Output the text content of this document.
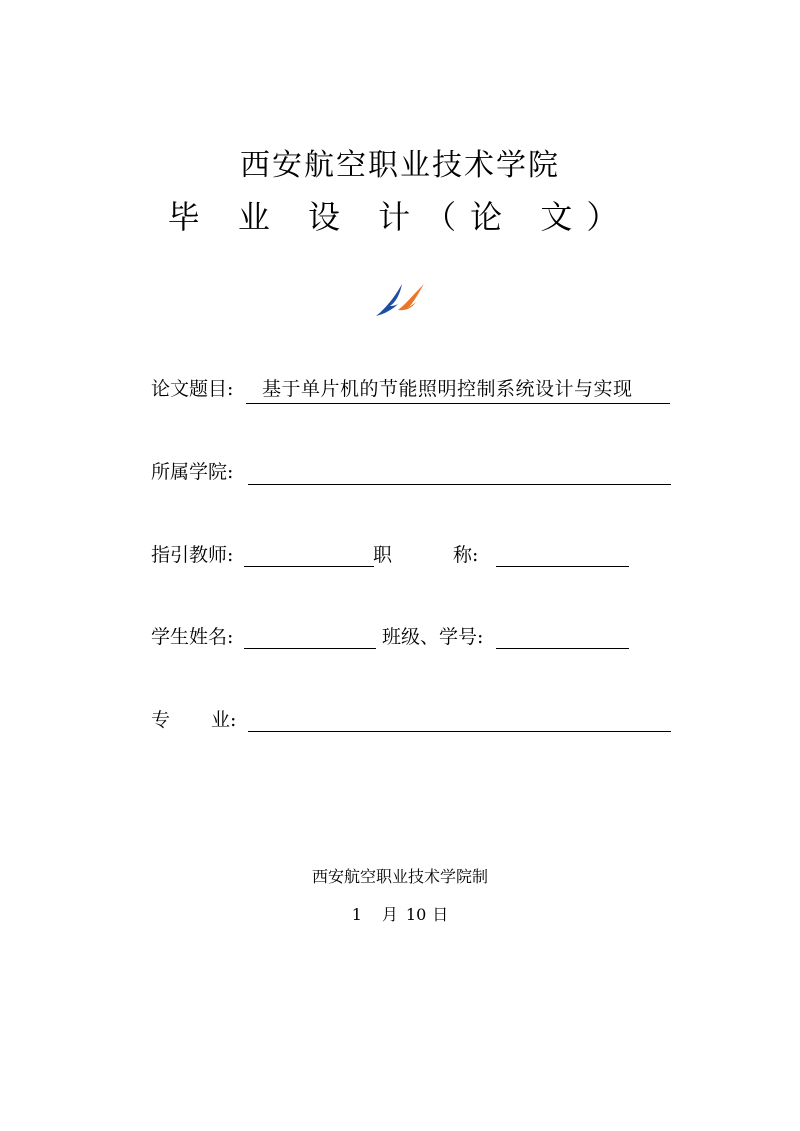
西安航空职业技术学院
毕 业 设 计（论 文）
论文题目: 基于单片机的节能照明控制系统设计与实现
所属学院:
指引教师:	职	称:
学生姓名:	班级、学号:
专 业:
西安航空职业技术学院制
1 月 10 日
